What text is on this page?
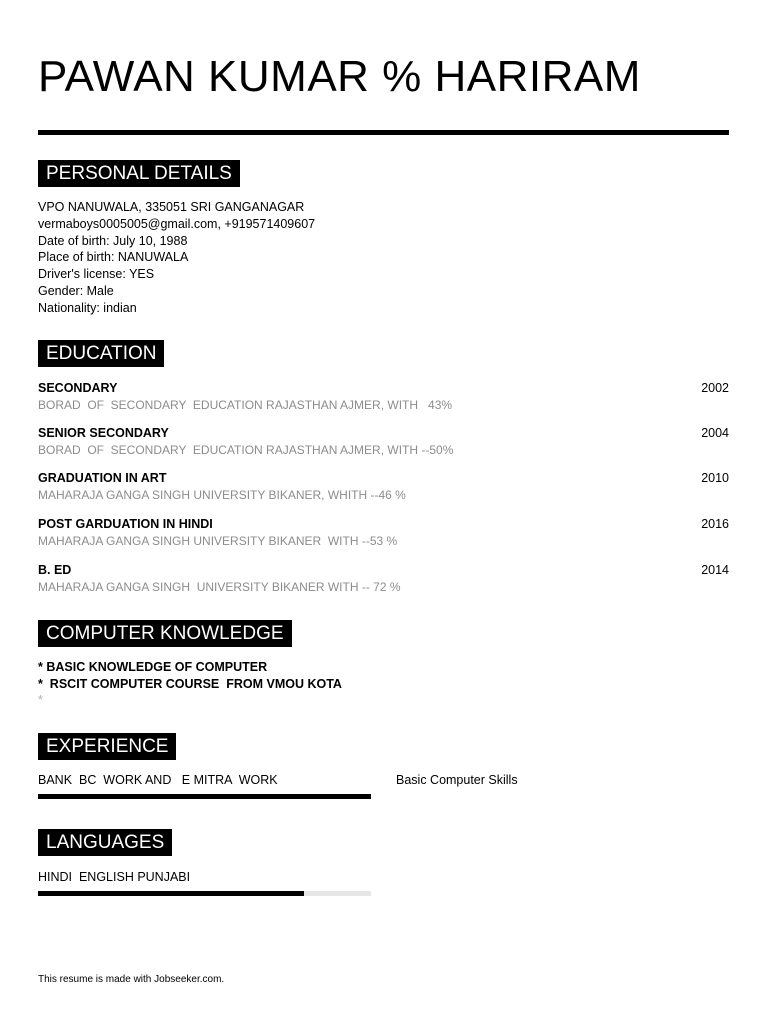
PAWAN KUMAR % HARIRAM
PERSONAL DETAILS
VPO NANUWALA, 335051 SRI GANGANAGAR
vermaboys0005005@gmail.com, +919571409607
Date of birth: July 10, 1988
Place of birth: NANUWALA
Driver's license: YES
Gender: Male
Nationality: indian
EDUCATION
SECONDARY	2002
BORAD  OF  SECONDARY  EDUCATION RAJASTHAN AJMER, WITH   43%
SENIOR SECONDARY	2004
BORAD  OF  SECONDARY  EDUCATION RAJASTHAN AJMER, WITH --50%
GRADUATION IN ART	2010
MAHARAJA GANGA SINGH UNIVERSITY BIKANER, WHITH --46 %
POST GARDUATION IN HINDI	2016
MAHARAJA GANGA SINGH UNIVERSITY BIKANER  WITH --53 %
B. ED	2014
MAHARAJA GANGA SINGH  UNIVERSITY BIKANER WITH -- 72 %
COMPUTER KNOWLEDGE
* BASIC KNOWLEDGE OF COMPUTER
*  RSCIT COMPUTER COURSE  FROM VMOU KOTA
*
EXPERIENCE
BANK  BC  WORK AND   E MITRA  WORK	Basic Computer Skills
LANGUAGES
HINDI  ENGLISH PUNJABI
This resume is made with Jobseeker.com.
